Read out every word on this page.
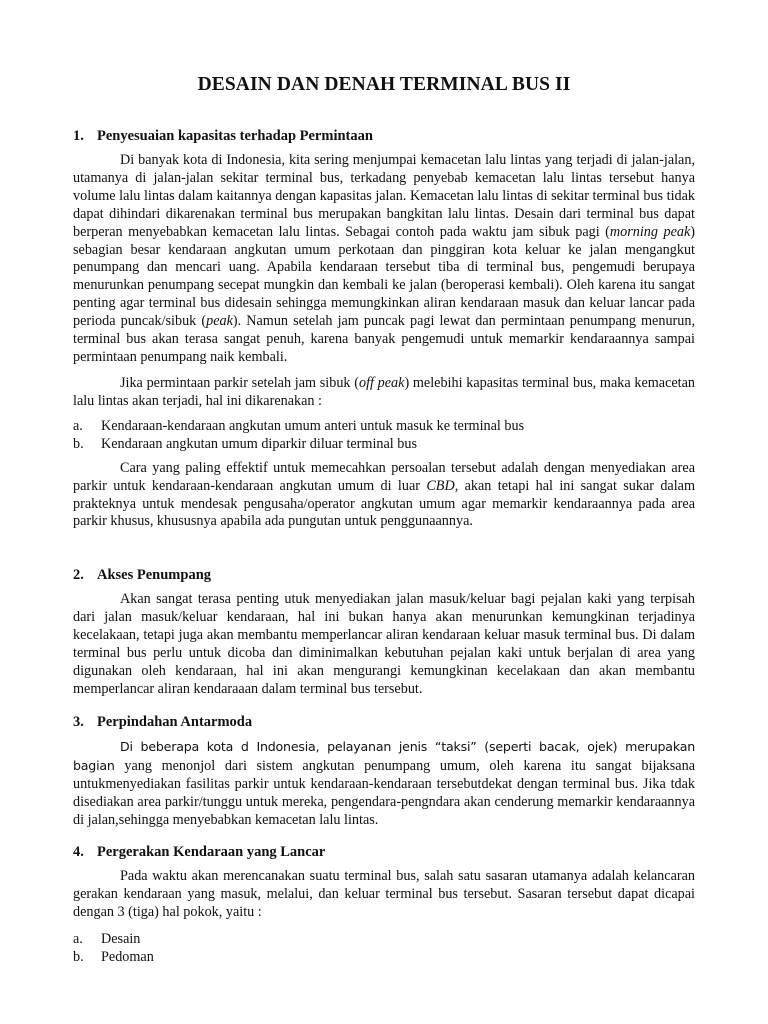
DESAIN DAN DENAH TERMINAL BUS II
1. Penyesuaian kapasitas terhadap Permintaan

Di banyak kota di Indonesia, kita sering menjumpai kemacetan lalu lintas yang terjadi di jalan-jalan, utamanya di jalan-jalan sekitar terminal bus, terkadang penyebab kemacetan lalu lintas tersebut hanya volume lalu lintas dalam kaitannya dengan kapasitas jalan. Kemacetan lalu lintas di sekitar terminal bus tidak dapat dihindari dikarenakan terminal bus merupakan bangkitan lalu lintas. Desain dari terminal bus dapat berperan menyebabkan kemacetan lalu lintas. Sebagai contoh pada waktu jam sibuk pagi (morning peak) sebagian besar kendaraan angkutan umum perkotaan dan pinggiran kota keluar ke jalan mengangkut penumpang dan mencari uang. Apabila kendaraan tersebut tiba di terminal bus, pengemudi berupaya menurunkan penumpang secepat mungkin dan kembali ke jalan (beroperasi kembali). Oleh karena itu sangat penting agar terminal bus didesain sehingga memungkinkan aliran kendaraan masuk dan keluar lancar pada perioda puncak/sibuk (peak). Namun setelah jam puncak pagi lewat dan permintaan penumpang menurun, terminal bus akan terasa sangat penuh, karena banyak pengemudi untuk memarkir kendaraannya sampai permintaan penumpang naik kembali.

Jika permintaan parkir setelah jam sibuk (off peak) melebihi kapasitas terminal bus, maka kemacetan lalu lintas akan terjadi, hal ini dikarenakan :

a.	Kendaraan-kendaraan angkutan umum anteri untuk masuk ke terminal bus
b.	Kendaraan angkutan umum diparkir diluar terminal bus

Cara yang paling effektif untuk memecahkan persoalan tersebut adalah dengan menyediakan area parkir untuk kendaraan-kendaraan angkutan umum di luar CBD, akan tetapi hal ini sangat sukar dalam prakteknya untuk mendesak pengusaha/operator angkutan umum agar memarkir kendaraannya pada area parkir khusus, khususnya apabila ada pungutan untuk penggunaannya.

2. Akses Penumpang

Akan sangat terasa penting utuk menyediakan jalan masuk/keluar bagi pejalan kaki yang terpisah dari jalan masuk/keluar kendaraan, hal ini bukan hanya akan menurunkan kemungkinan terjadinya kecelakaan, tetapi juga akan membantu memperlancar aliran kendaraan keluar masuk terminal bus. Di dalam terminal bus perlu untuk dicoba dan diminimalkan kebutuhan pejalan kaki untuk berjalan di area yang digunakan oleh kendaraan, hal ini akan mengurangi kemungkinan kecelakaan dan akan membantu memperlancar aliran kendaraaan dalam terminal bus tersebut.

3. Perpindahan Antarmoda

Di beberapa kota d Indonesia, pelayanan jenis “taksi” (seperti bacak, ojek) merupakan bagian yang menonjol dari sistem angkutan penumpang umum, oleh karena itu sangat bijaksana untukmenyediakan fasilitas parkir untuk kendaraan-kendaraan tersebutdekat dengan terminal bus. Jika tdak disediakan area parkir/tunggu untuk mereka, pengendara-pengndara akan cenderung memarkir kendaraannya di jalan,sehingga menyebabkan kemacetan lalu lintas.

4. Pergerakan Kendaraan yang Lancar

Pada waktu akan merencanakan suatu terminal bus, salah satu sasaran utamanya adalah kelancaran gerakan kendaraan yang masuk, melalui, dan keluar terminal bus tersebut. Sasaran tersebut dapat dicapai dengan 3 (tiga) hal pokok, yaitu :

a.	Desain
b.	Pedoman
